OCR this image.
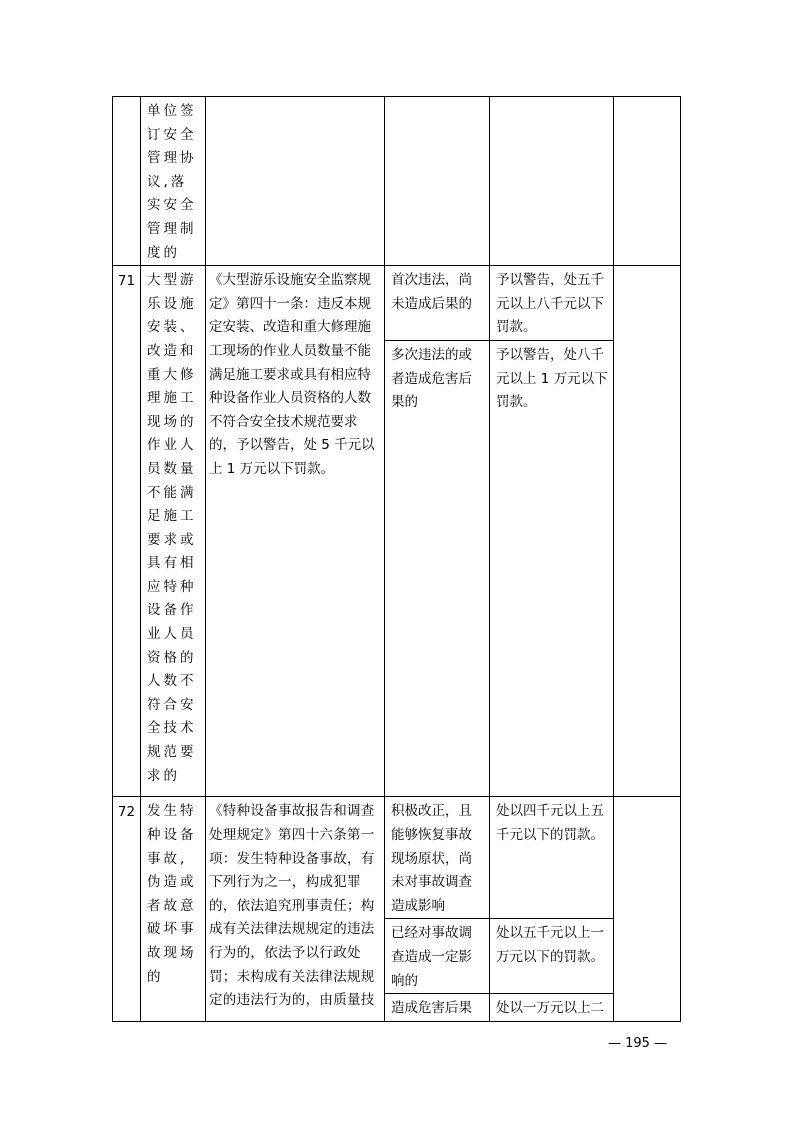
	单位签订安全管理协议,落实安全管理制度的		

71	大型游乐设施安装、改造和重大修理施工现场的作业人员数量不能满足施工要求或具有相应特种设备作业人员资格的人数不符合安全技术规范要求的	《大型游乐设施安全监察规定》第四十一条：违反本规定安装、改造和重大修理施工现场的作业人员数量不能满足施工要求或具有相应特种设备作业人员资格的人数不符合安全技术规范要求的，予以警告，处 5 千元以上 1 万元以下罚款。	
首次违法，尚未造成后果的	予以警告，处五千元以上八千元以下罚款。
多次违法的或者造成危害后果的	予以警告，处八千元以上 1 万元以下罚款。

72	发生特种设备事故,伪造或者故意破坏事故现场的	《特种设备事故报告和调查处理规定》第四十六条第一项：发生特种设备事故，有下列行为之一，构成犯罪的，依法追究刑事责任；构成有关法律法规规定的违法行为的，依法予以行政处罚；未构成有关法律法规规定的违法行为的，由质量技	
积极改正，且能够恢复事故现场原状，尚未对事故调查造成影响	处以四千元以上五千元以下的罚款。
已经对事故调查造成一定影响的	处以五千元以上一万元以下的罚款。
造成危害后果	处以一万元以上二

— 195 —
